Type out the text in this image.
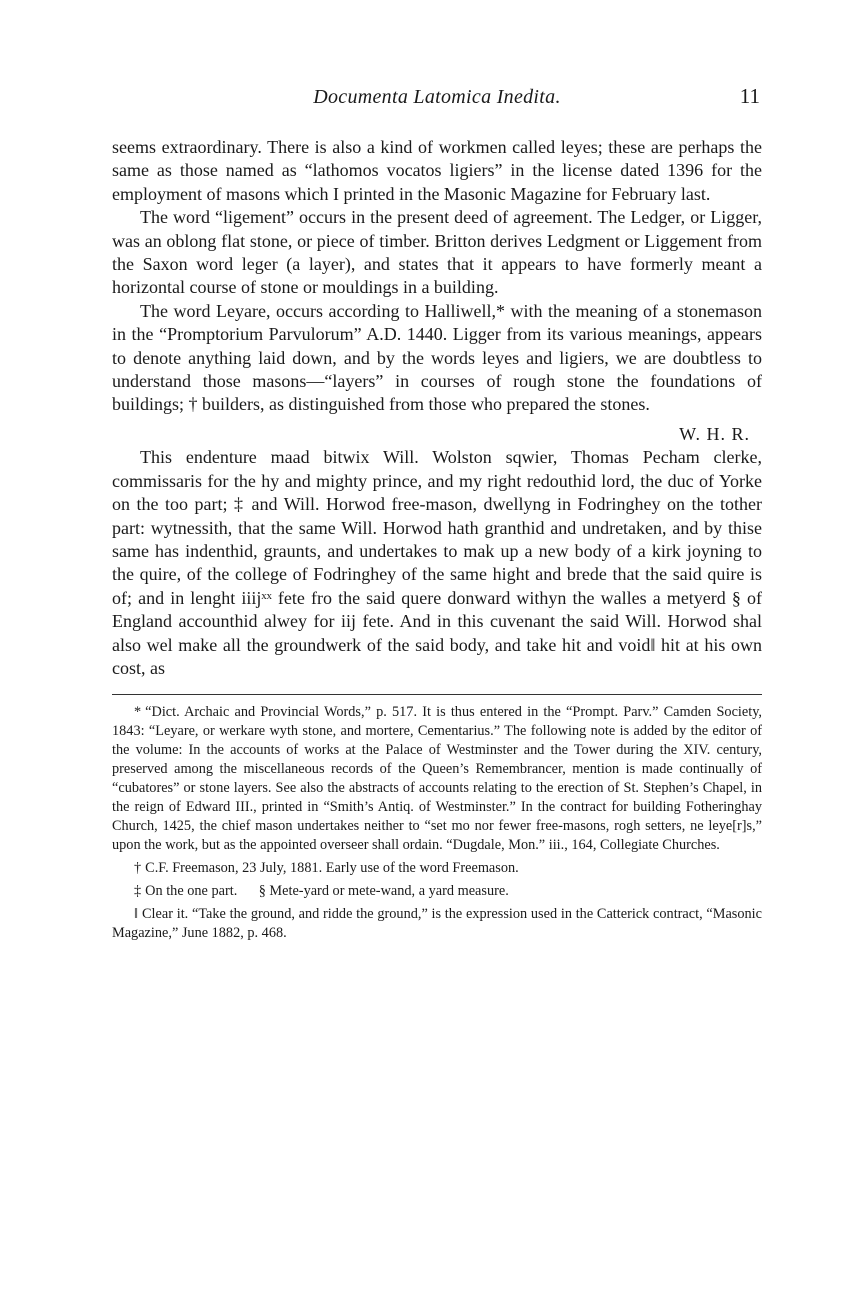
Documenta Latomica Inedita.	11

seems extraordinary. There is also a kind of workmen called leyes; these are perhaps the same as those named as “lathomos vocatos ligiers” in the license dated 1396 for the employment of masons which I printed in the Masonic Magazine for February last.

The word “ligement” occurs in the present deed of agreement. The Ledger, or Ligger, was an oblong flat stone, or piece of timber. Britton derives Ledgment or Liggement from the Saxon word leger (a layer), and states that it appears to have formerly meant a horizontal course of stone or mouldings in a building.

The word Leyare, occurs according to Halliwell,* with the meaning of a stonemason in the “Promptorium Parvulorum” A.D. 1440. Ligger from its various meanings, appears to denote anything laid down, and by the words leyes and ligiers, we are doubtless to understand those masons—“layers” in courses of rough stone the foundations of buildings; † builders, as distinguished from those who prepared the stones.

W. H. R.

This endenture maad bitwix Will. Wolston sqwier, Thomas Pecham clerke, commissaris for the hy and mighty prince, and my right redouthid lord, the duc of Yorke on the too part; ‡ and Will. Horwod free-mason, dwellyng in Fodringhey on the tother part: wytnessith, that the same Will. Horwod hath granthid and undretaken, and by thise same has indenthid, graunts, and undertakes to mak up a new body of a kirk joyning to the quire, of the college of Fodringhey of the same hight and brede that the said quire is of; and in lenght iiijˣˣ fete fro the said quere donward withyn the walles a metyerd § of England accounthid alwey for iij fete. And in this cuvenant the said Will. Horwod shal also wel make all the groundwerk of the said body, and take hit and void‖ hit at his own cost, as

* “Dict. Archaic and Provincial Words,” p. 517. It is thus entered in the “Prompt. Parv.” Camden Society, 1843: “Leyare, or werkare wyth stone, and mortere, Cementarius.” The following note is added by the editor of the volume: In the accounts of works at the Palace of Westminster and the Tower during the XIV. century, preserved among the miscellaneous records of the Queen’s Remembrancer, mention is made continually of “cubatores” or stone layers. See also the abstracts of accounts relating to the erection of St. Stephen’s Chapel, in the reign of Edward III., printed in “Smith’s Antiq. of Westminster.” In the contract for building Fotheringhay Church, 1425, the chief mason undertakes neither to “set mo nor fewer free-masons, rogh setters, ne leye[r]s,” upon the work, but as the appointed overseer shall ordain. “Dugdale, Mon.” iii., 164, Collegiate Churches.

† C.F. Freemason, 23 July, 1881. Early use of the word Freemason.

‡ On the one part.      § Mete-yard or mete-wand, a yard measure.

‖ Clear it. “Take the ground, and ridde the ground,” is the expression used in the Catterick contract, “Masonic Magazine,” June 1882, p. 468.
